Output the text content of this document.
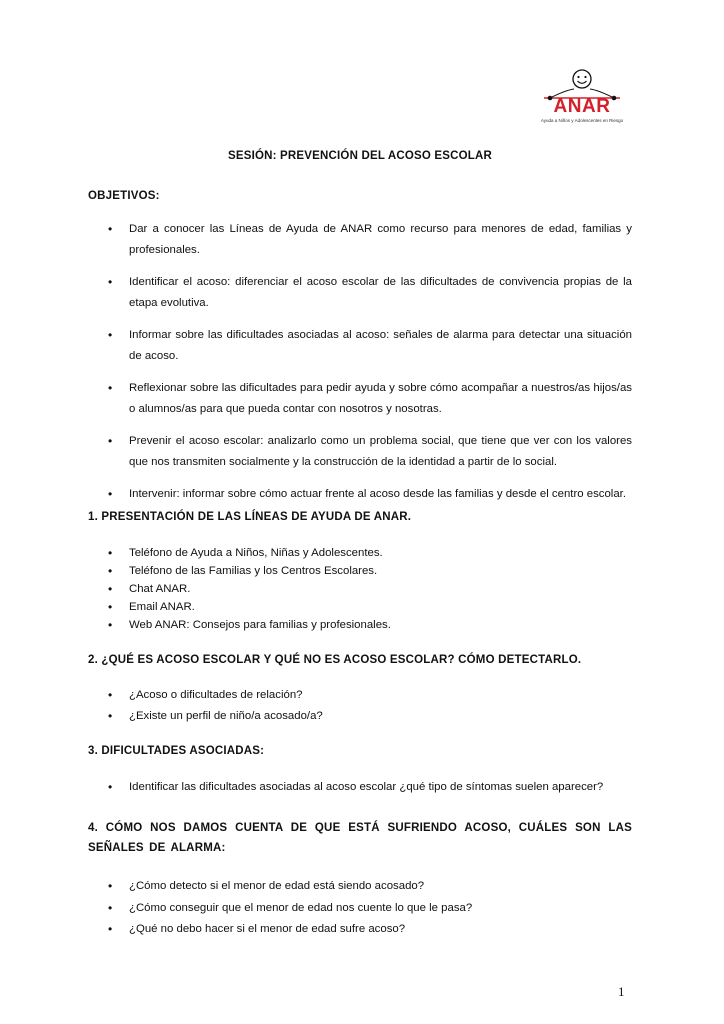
ANAR
Ayuda a Niños y Adolescentes en Riesgo
SESIÓN: PREVENCIÓN DEL ACOSO ESCOLAR
OBJETIVOS:
• Dar a conocer las Líneas de Ayuda de ANAR como recurso para menores de edad, familias y profesionales.
• Identificar el acoso: diferenciar el acoso escolar de las dificultades de convivencia propias de la etapa evolutiva.
• Informar sobre las dificultades asociadas al acoso: señales de alarma para detectar una situación de acoso.
• Reflexionar sobre las dificultades para pedir ayuda y sobre cómo acompañar a nuestros/as hijos/as o alumnos/as para que pueda contar con nosotros y nosotras.
• Prevenir el acoso escolar: analizarlo como un problema social, que tiene que ver con los valores que nos transmiten socialmente y la construcción de la identidad a partir de lo social.
• Intervenir: informar sobre cómo actuar frente al acoso desde las familias y desde el centro escolar.
1. PRESENTACIÓN DE LAS LÍNEAS DE AYUDA DE ANAR.
• Teléfono de Ayuda a Niños, Niñas y Adolescentes.
• Teléfono de las Familias y los Centros Escolares.
• Chat ANAR.
• Email ANAR.
• Web ANAR: Consejos para familias y profesionales.
2. ¿QUÉ ES ACOSO ESCOLAR Y QUÉ NO ES ACOSO ESCOLAR? CÓMO DETECTARLO.
• ¿Acoso o dificultades de relación?
• ¿Existe un perfil de niño/a acosado/a?
3. DIFICULTADES ASOCIADAS:
• Identificar las dificultades asociadas al acoso escolar ¿qué tipo de síntomas suelen aparecer?
4. CÓMO NOS DAMOS CUENTA DE QUE ESTÁ SUFRIENDO ACOSO, CUÁLES SON LAS SEÑALES DE ALARMA:
• ¿Cómo detecto si el menor de edad está siendo acosado?
• ¿Cómo conseguir que el menor de edad nos cuente lo que le pasa?
• ¿Qué no debo hacer si el menor de edad sufre acoso?
1
